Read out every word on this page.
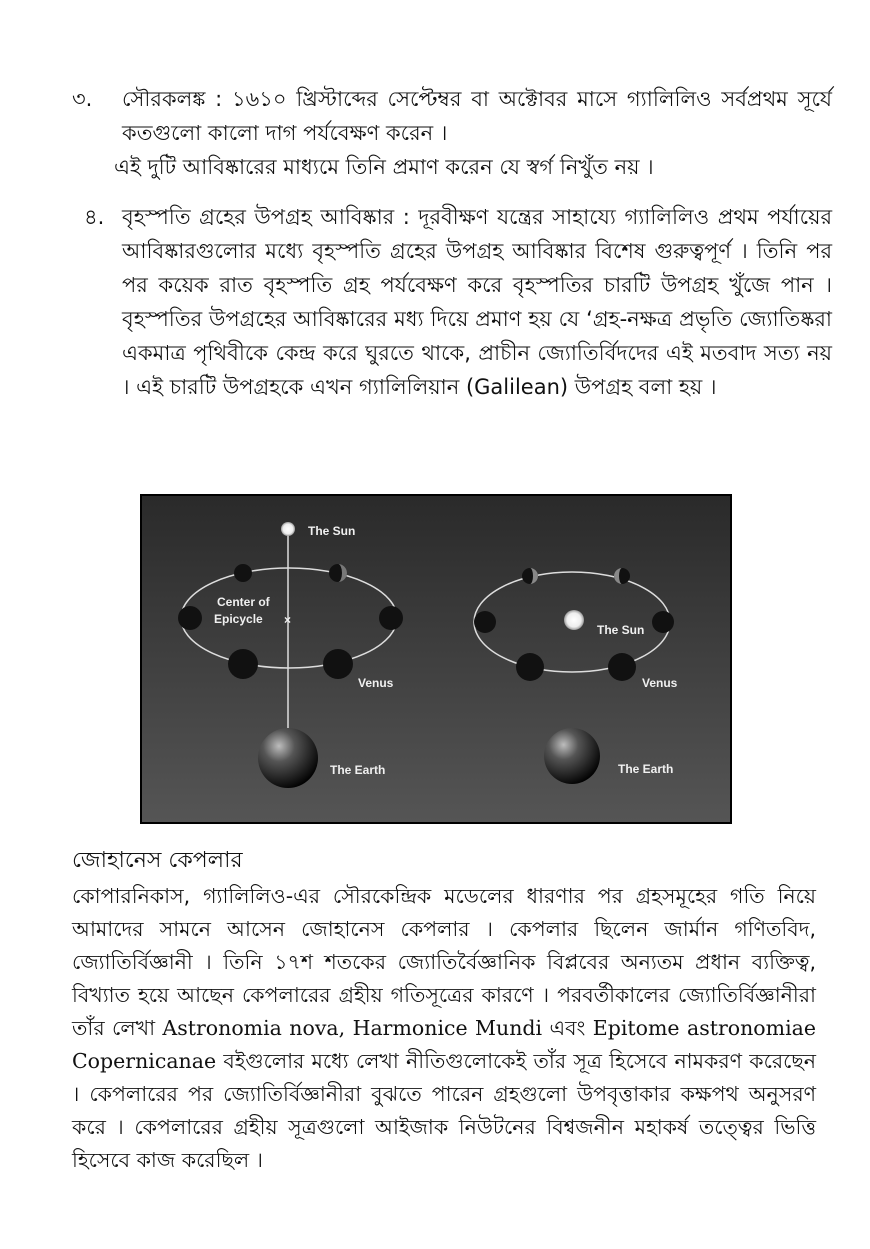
৩. সৌরকলঙ্ক : ১৬১০ খ্রিস্টাব্দের সেপ্টেম্বর বা অক্টোবর মাসে গ্যালিলিও সর্বপ্রথম সূর্যে কতগুলো কালো দাগ পর্যবেক্ষণ করেন ।
এই দুটি আবিষ্কারের মাধ্যমে তিনি প্রমাণ করেন যে স্বর্গ নিখুঁত নয় ।
৪. বৃহস্পতি গ্রহের উপগ্রহ আবিষ্কার : দূরবীক্ষণ যন্ত্রের সাহায্যে গ্যালিলিও প্রথম পর্যায়ের আবিষ্কারগুলোর মধ্যে বৃহস্পতি গ্রহের উপগ্রহ আবিষ্কার বিশেষ গুরুত্বপূর্ণ । তিনি পর পর কয়েক রাত বৃহস্পতি গ্রহ পর্যবেক্ষণ করে বৃহস্পতির চারটি উপগ্রহ খুঁজে পান । বৃহস্পতির উপগ্রহের আবিষ্কারের মধ্য দিয়ে প্রমাণ হয় যে ‘গ্রহ-নক্ষত্র প্রভৃতি জ্যোতিষ্করা একমাত্র পৃথিবীকে কেন্দ্র করে ঘুরতে থাকে, প্রাচীন জ্যোতির্বিদদের এই মতবাদ সত্য নয় । এই চারটি উপগ্রহকে এখন গ্যালিলিয়ান (Galilean) উপগ্রহ বলা হয় ।
The Sun
Center of
Epicycle ×
Venus
The Earth
The Sun
Venus
The Earth
জোহানেস কেপলার
কোপারনিকাস, গ্যালিলিও-এর সৌরকেন্দ্রিক মডেলের ধারণার পর গ্রহসমূহের গতি নিয়ে আমাদের সামনে আসেন জোহানেস কেপলার । কেপলার ছিলেন জার্মান গণিতবিদ, জ্যোতির্বিজ্ঞানী । তিনি ১৭শ শতকের জ্যোতির্বৈজ্ঞানিক বিপ্লবের অন্যতম প্রধান ব্যক্তিত্ব, বিখ্যাত হয়ে আছেন কেপলারের গ্রহীয় গতিসূত্রের কারণে । পরবর্তীকালের জ্যোতির্বিজ্ঞানীরা তাঁর লেখা Astronomia nova, Harmonice Mundi এবং Epitome astronomiae Copernicanae বইগুলোর মধ্যে লেখা নীতিগুলোকেই তাঁর সূত্র হিসেবে নামকরণ করেছেন । কেপলারের পর জ্যোতির্বিজ্ঞানীরা বুঝতে পারেন গ্রহগুলো উপবৃত্তাকার কক্ষপথ অনুসরণ করে । কেপলারের গ্রহীয় সূত্রগুলো আইজাক নিউটনের বিশ্বজনীন মহাকর্ষ তত্ত্বের ভিত্তি হিসেবে কাজ করেছিল ।
